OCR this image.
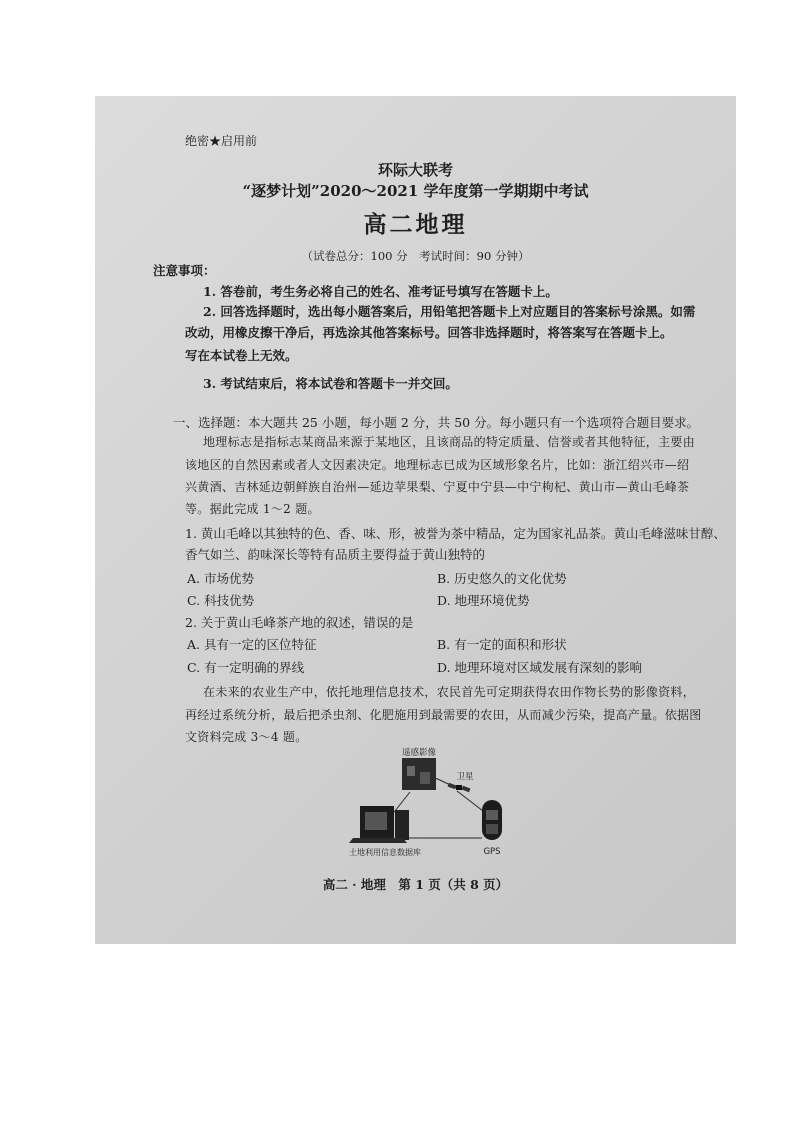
绝密★启用前
环际大联考
“逐梦计划”2020～2021 学年度第一学期期中考试
高二地理
（试卷总分：100 分　考试时间：90 分钟）
注意事项：
1. 答卷前，考生务必将自己的姓名、准考证号填写在答题卡上。
2. 回答选择题时，选出每小题答案后，用铅笔把答题卡上对应题目的答案标号涂黑。如需
改动，用橡皮擦干净后，再选涂其他答案标号。回答非选择题时，将答案写在答题卡上。
写在本试卷上无效。
3. 考试结束后，将本试卷和答题卡一并交回。
一、选择题：本大题共 25 小题，每小题 2 分，共 50 分。每小题只有一个选项符合题目要求。
地理标志是指标志某商品来源于某地区，且该商品的特定质量、信誉或者其他特征，主要由
该地区的自然因素或者人文因素决定。地理标志已成为区域形象名片，比如：浙江绍兴市—绍
兴黄酒、吉林延边朝鲜族自治州—延边苹果梨、宁夏中宁县—中宁枸杞、黄山市—黄山毛峰茶
等。据此完成 1～2 题。
1. 黄山毛峰以其独特的色、香、味、形，被誉为茶中精品，定为国家礼品茶。黄山毛峰滋味甘醇、
香气如兰、韵味深长等特有品质主要得益于黄山独特的
A. 市场优势	B. 历史悠久的文化优势
C. 科技优势	D. 地理环境优势
2. 关于黄山毛峰茶产地的叙述，错误的是
A. 具有一定的区位特征	B. 有一定的面积和形状
C. 有一定明确的界线	D. 地理环境对区域发展有深刻的影响
在未来的农业生产中，依托地理信息技术，农民首先可定期获得农田作物长势的影像资料，
再经过系统分析，最后把杀虫剂、化肥施用到最需要的农田，从而减少污染，提高产量。依据图
文资料完成 3～4 题。
遥感影像
卫星
GPS
土地利用信息数据库
高二 · 地理　第 1 页（共 8 页）
